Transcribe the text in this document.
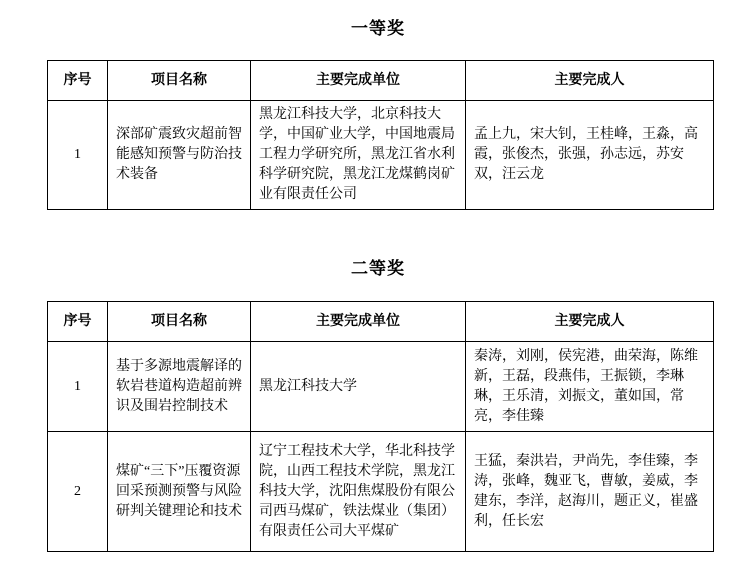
一等奖
序号	项目名称	主要完成单位	主要完成人
1	深部矿震致灾超前智能感知预警与防治技术装备	黑龙江科技大学，北京科技大学，中国矿业大学，中国地震局工程力学研究所，黑龙江省水利科学研究院，黑龙江龙煤鹤岗矿业有限责任公司	孟上九，宋大钊，王桂峰，王淼，高霞，张俊杰，张强，孙志远，苏安双，汪云龙
二等奖
序号	项目名称	主要完成单位	主要完成人
1	基于多源地震解译的软岩巷道构造超前辨识及围岩控制技术	黑龙江科技大学	秦涛，刘刚，侯宪港，曲荣海，陈维新，王磊，段燕伟，王振锁，李琳琳，王乐清，刘振文，董如国，常亮，李佳臻
2	煤矿“三下”压覆资源回采预测预警与风险研判关键理论和技术	辽宁工程技术大学，华北科技学院，山西工程技术学院，黑龙江科技大学，沈阳焦煤股份有限公司西马煤矿，铁法煤业（集团）有限责任公司大平煤矿	王猛，秦洪岩，尹尚先，李佳臻，李涛，张峰，魏亚飞，曹敏，姜威，李建东，李洋，赵海川，题正义，崔盛利，任长宏
